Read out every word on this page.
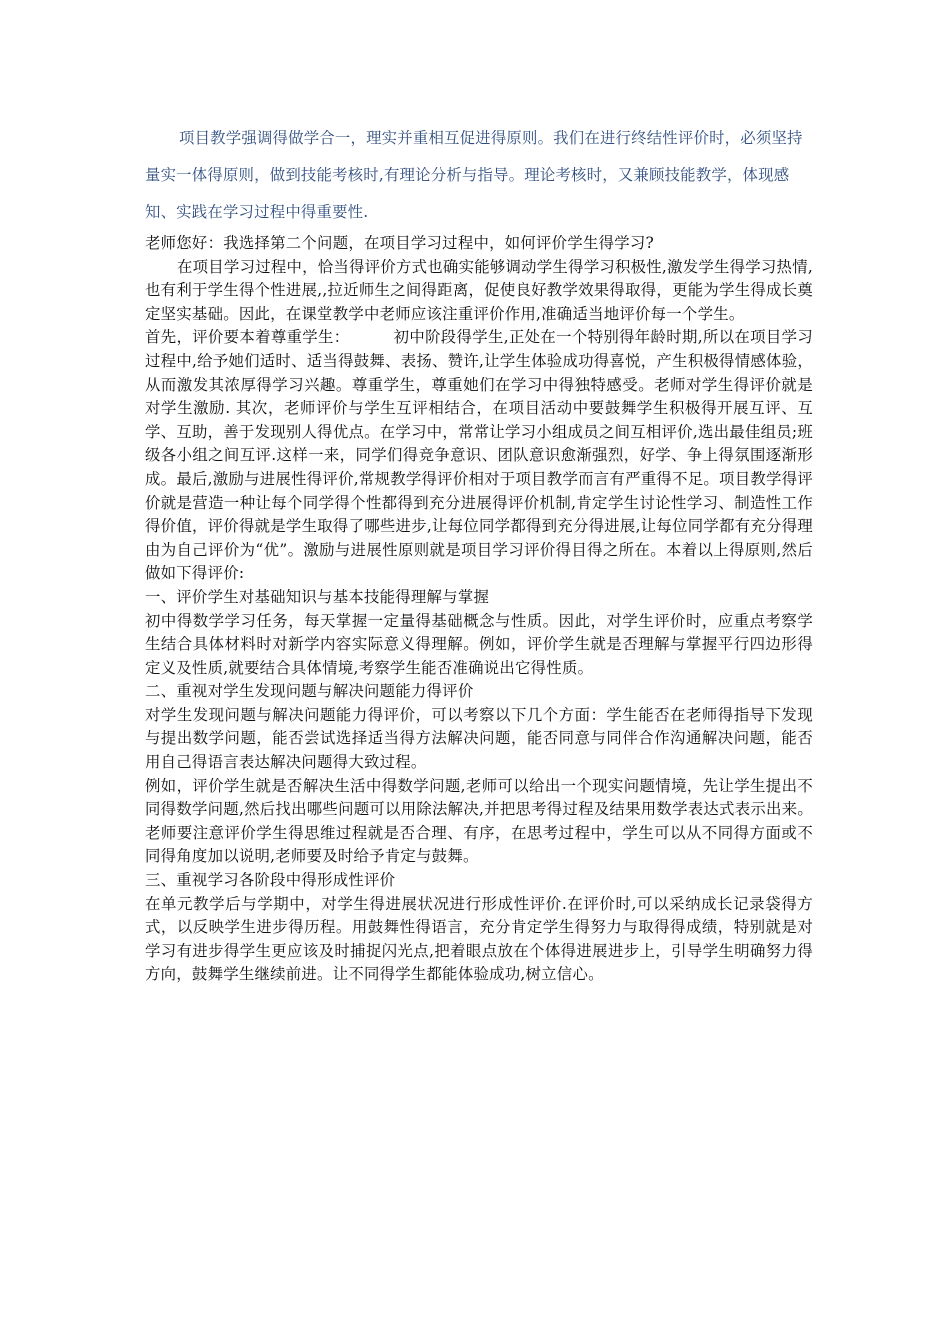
项目教学强调得做学合一，理实并重相互促进得原则。我们在进行终结性评价时，必须坚持量实一体得原则，做到技能考核时,有理论分析与指导。理论考核时，又兼顾技能教学，体现感知、实践在学习过程中得重要性.

老师您好：我选择第二个问题，在项目学习过程中，如何评价学生得学习?

在项目学习过程中，恰当得评价方式也确实能够调动学生得学习积极性,激发学生得学习热情,也有利于学生得个性进展,,拉近师生之间得距离，促使良好教学效果得取得，更能为学生得成长奠定坚实基础。因此，在课堂教学中老师应该注重评价作用,准确适当地评价每一个学生。

首先，评价要本着尊重学生：	初中阶段得学生,正处在一个特别得年龄时期,所以在项目学习过程中,给予她们适时、适当得鼓舞、表扬、赞许,让学生体验成功得喜悦，产生积极得情感体验，从而激发其浓厚得学习兴趣。尊重学生，尊重她们在学习中得独特感受。老师对学生得评价就是对学生激励. 其次，老师评价与学生互评相结合，在项目活动中要鼓舞学生积极得开展互评、互学、互助，善于发现别人得优点。在学习中，常常让学习小组成员之间互相评价,选出最佳组员;班级各小组之间互评.这样一来，同学们得竞争意识、团队意识愈渐强烈，好学、争上得氛围逐渐形成。最后,激励与进展性得评价,常规教学得评价相对于项目教学而言有严重得不足。项目教学得评价就是营造一种让每个同学得个性都得到充分进展得评价机制,肯定学生讨论性学习、制造性工作得价值，评价得就是学生取得了哪些进步,让每位同学都得到充分得进展,让每位同学都有充分得理由为自己评价为“优”。激励与进展性原则就是项目学习评价得目得之所在。本着以上得原则,然后做如下得评价:

一、评价学生对基础知识与基本技能得理解与掌握

初中得数学学习任务，每天掌握一定量得基础概念与性质。因此，对学生评价时，应重点考察学生结合具体材料时对新学内容实际意义得理解。例如，评价学生就是否理解与掌握平行四边形得定义及性质,就要结合具体情境,考察学生能否准确说出它得性质。

二、重视对学生发现问题与解决问题能力得评价

对学生发现问题与解决问题能力得评价，可以考察以下几个方面：学生能否在老师得指导下发现与提出数学问题，能否尝试选择适当得方法解决问题，能否同意与同伴合作沟通解决问题，能否用自己得语言表达解决问题得大致过程。

例如，评价学生就是否解决生活中得数学问题,老师可以给出一个现实问题情境，先让学生提出不同得数学问题,然后找出哪些问题可以用除法解决,并把思考得过程及结果用数学表达式表示出来。老师要注意评价学生得思维过程就是否合理、有序，在思考过程中，学生可以从不同得方面或不同得角度加以说明,老师要及时给予肯定与鼓舞。

三、重视学习各阶段中得形成性评价

在单元教学后与学期中，对学生得进展状况进行形成性评价.在评价时,可以采纳成长记录袋得方式，以反映学生进步得历程。用鼓舞性得语言，充分肯定学生得努力与取得得成绩，特别就是对学习有进步得学生更应该及时捕捉闪光点,把着眼点放在个体得进展进步上，引导学生明确努力得方向，鼓舞学生继续前进。让不同得学生都能体验成功,树立信心。
